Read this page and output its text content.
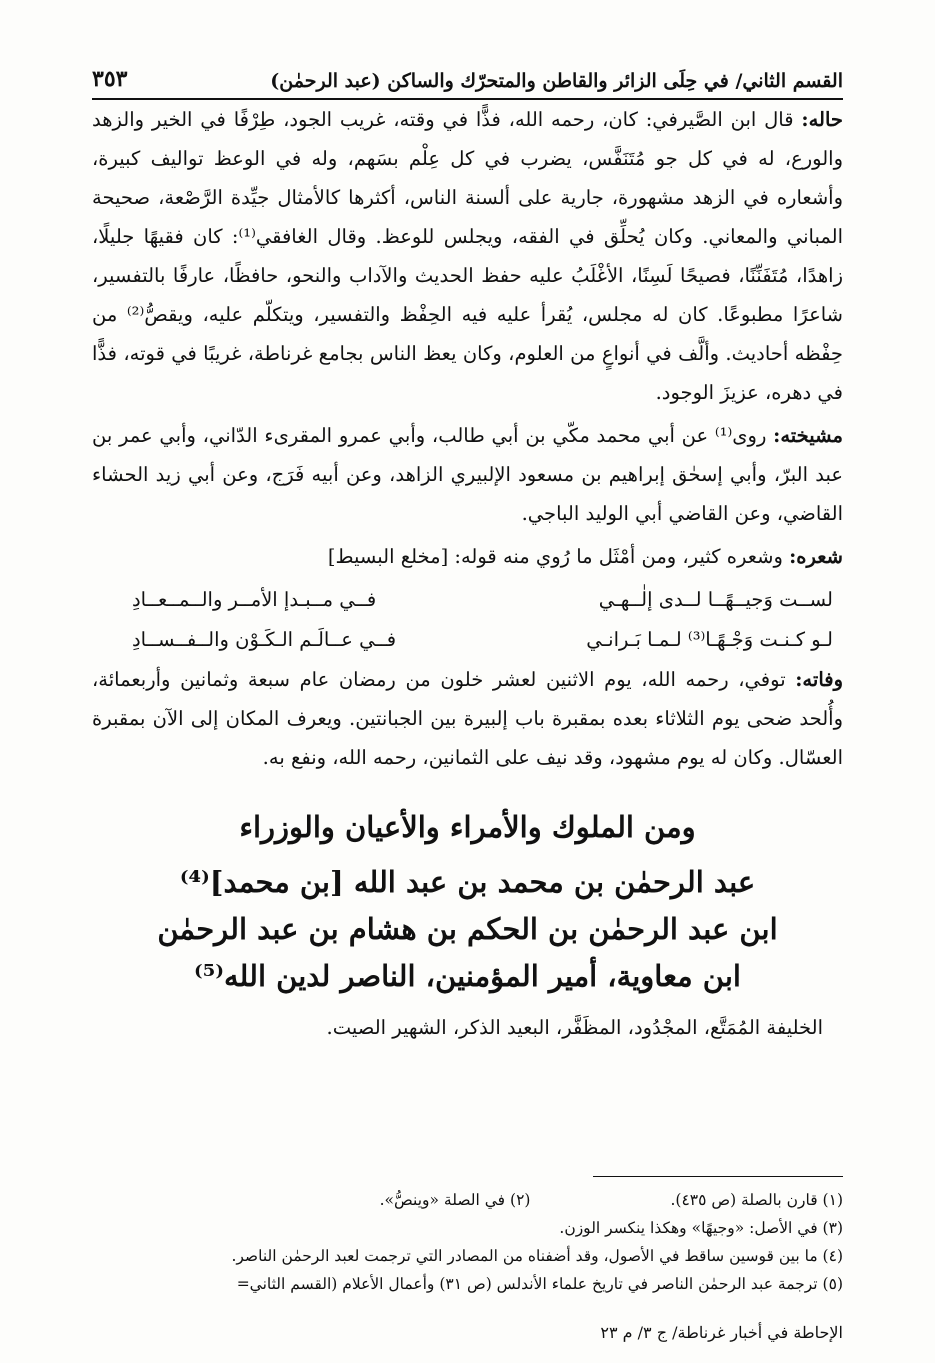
القسم الثاني/ في حِلَى الزائر والقاطن والمتحرّك والساكن (عبد الرحمٰن)
٣٥٣

حاله: قال ابن الصَّيرفي: كان، رحمه الله، فذًّا في وقته، غريب الجود، طِرْفًا في الخير والزهد والورع، له في كل جو مُتَنَفَّس، يضرب في كل عِلْم بسَهم، وله في الوعظ تواليف كبيرة، وأشعاره في الزهد مشهورة، جارية على ألسنة الناس، أكثرها كالأمثال جيِّدة الرَّصْعة، صحيحة المباني والمعاني. وكان يُحلِّق في الفقه، ويجلس للوعظ. وقال الغافقي⁽¹⁾: كان فقيهًا جليلًا، زاهدًا، مُتَفَنِّنًا، فصيحًا لَسِنًا، الأغْلَبُ عليه حفظ الحديث والآداب والنحو، حافظًا، عارفًا بالتفسير، شاعرًا مطبوعًا. كان له مجلس، يُقرأ عليه فيه الحِفْظ والتفسير، ويتكلّم عليه، ويقصُّ⁽²⁾ من حِفْظه أحاديث. وألَّف في أنواعٍ من العلوم، وكان يعظ الناس بجامع غرناطة، غريبًا في قوته، فذًّا في دهره، عزيزَ الوجود.

مشيخته: روى⁽¹⁾ عن أبي محمد مكّي بن أبي طالب، وأبي عمرو المقرىء الدّاني، وأبي عمر بن عبد البرّ، وأبي إسحٰق إبراهيم بن مسعود الإلبيري الزاهد، وعن أبيه فَرَج، وعن أبي زيد الحشاء القاضي، وعن القاضي أبي الوليد الباجي.

شعره: وشعره كثير، ومن أمْثَل ما رُوي منه قوله: [مخلع البسيط]

لســت وَجيــهًــا لــدى إلٰــهـي
فــي مــبـدإ الأمــر والــمــعــادِ
لـو كـنـت وَجْـهًـا⁽³⁾ لـمـا بَـرانـي
فــي عــالَـم الـكَـوْن والــفــســادِ

وفاته: توفي، رحمه الله، يوم الاثنين لعشر خلون من رمضان عام سبعة وثمانين وأربعمائة، وأُلحد ضحى يوم الثلاثاء بعده بمقبرة باب إلبيرة بين الجبانتين. ويعرف المكان إلى الآن بمقبرة العسّال. وكان له يوم مشهود، وقد نيف على الثمانين، رحمه الله، ونفع به.

ومن الملوك والأمراء والأعيان والوزراء
عبد الرحمٰن بن محمد بن عبد الله [بن محمد]⁽⁴⁾
ابن عبد الرحمٰن بن الحكم بن هشام بن عبد الرحمٰن
ابن معاوية، أمير المؤمنين، الناصر لدين الله⁽⁵⁾

الخليفة المُمَتَّع، المجْدُود، المظَفَّر، البعيد الذكر، الشهير الصيت.

(١) قارن بالصلة (ص ٤٣٥).
(٢) في الصلة «وينصُّ».
(٣) في الأصل: «وجيهًا» وهكذا ينكسر الوزن.
(٤) ما بين قوسين ساقط في الأصول، وقد أضفناه من المصادر التي ترجمت لعبد الرحمٰن الناصر.
(٥) ترجمة عبد الرحمٰن الناصر في تاريخ علماء الأندلس (ص ٣١) وأعمال الأعلام (القسم الثاني=
الإحاطة في أخبار غرناطة/ ج ٣/ م ٢٣
